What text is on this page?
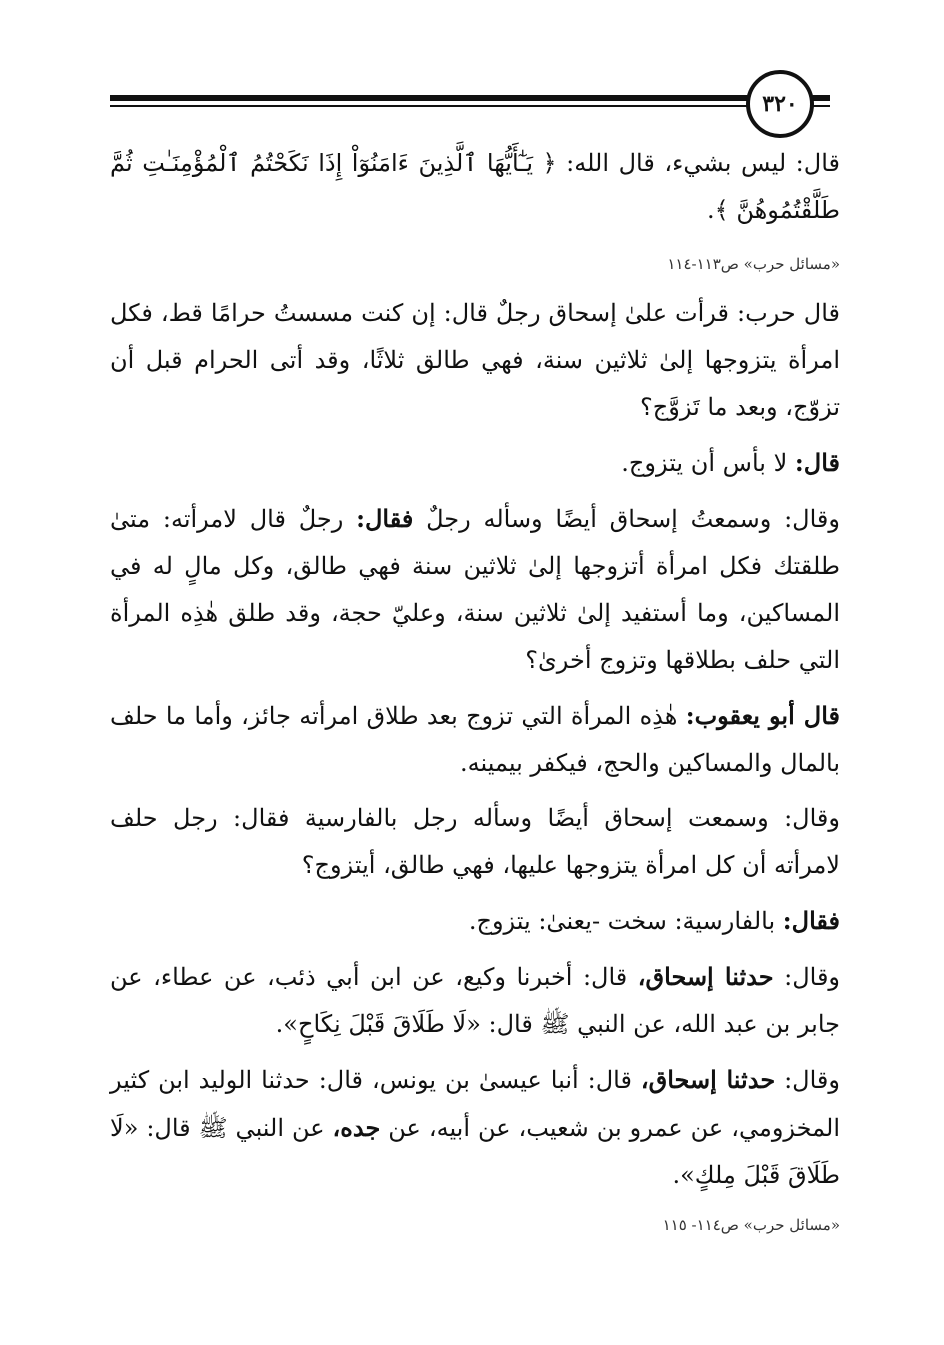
٣٢٠

قال: ليس بشيء، قال الله: ﴿ يَـٰٓأَيُّهَا ٱلَّذِينَ ءَامَنُوٓاْ إِذَا نَكَحْتُمُ ٱلْمُؤْمِنَـٰتِ ثُمَّ طَلَّقْتُمُوهُنَّ ﴾.

«مسائل حرب» ص١١٣-١١٤

قال حرب: قرأت علىٰ إسحاق رجلٌ قال: إن كنت مسستُ حرامًا قط، فكل امرأة يتزوجها إلىٰ ثلاثين سنة، فهي طالق ثلاثًا، وقد أتى الحرام قبل أن تزوّج، وبعد ما تَزوَّج؟

قال: لا بأس أن يتزوج.

وقال: وسمعتُ إسحاق أيضًا وسأله رجلٌ فقال: رجلٌ قال لامرأته: متىٰ طلقتك فكل امرأة أتزوجها إلىٰ ثلاثين سنة فهي طالق، وكل مالٍ له في المساكين، وما أستفيد إلىٰ ثلاثين سنة، وعليّ حجة، وقد طلق هٰذِه المرأة التي حلف بطلاقها وتزوج أخرىٰ؟

قال أبو يعقوب: هٰذِه المرأة التي تزوج بعد طلاق امرأته جائز، وأما ما حلف بالمال والمساكين والحج، فيكفر بيمينه.

وقال: وسمعت إسحاق أيضًا وسأله رجل بالفارسية فقال: رجل حلف لامرأته أن كل امرأة يتزوجها عليها، فهي طالق، أيتزوج؟

فقال: بالفارسية: سخت -يعنىٰ: يتزوج.

وقال: حدثنا إسحاق، قال: أخبرنا وكيع، عن ابن أبي ذئب، عن عطاء، عن جابر بن عبد الله، عن النبي ﷺ قال: «لَا طَلَاقَ قَبْلَ نِكَاحٍ».

وقال: حدثنا إسحاق، قال: أنبا عيسىٰ بن يونس، قال: حدثنا الوليد ابن كثير المخزومي، عن عمرو بن شعيب، عن أبيه، عن جده، عن النبي ﷺ قال: «لَا طَلَاقَ قَبْلَ مِلكٍ».

«مسائل حرب» ص١١٤- ١١٥
